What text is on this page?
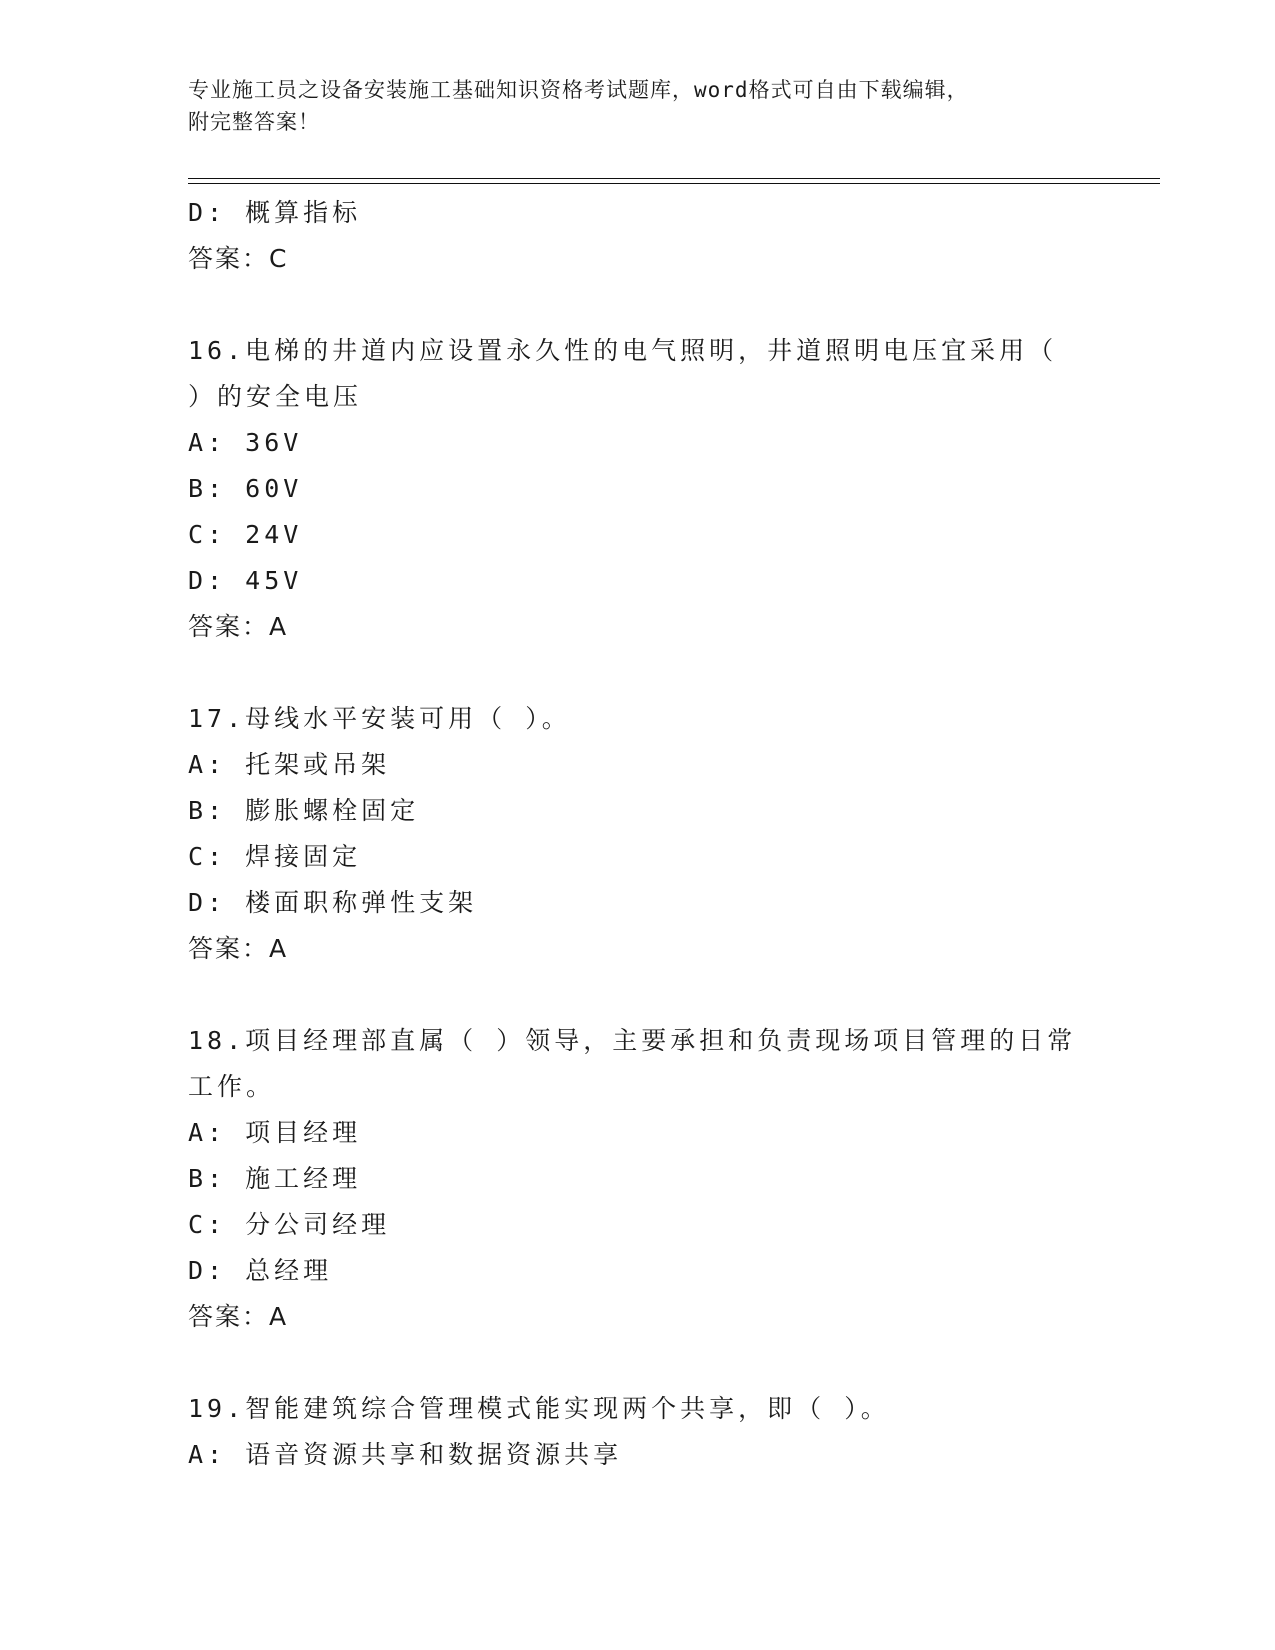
专业施工员之设备安装施工基础知识资格考试题库，word格式可自由下载编辑，
附完整答案！
D: 概算指标
答案：C
16.电梯的井道内应设置永久性的电气照明，井道照明电压宜采用（
）的安全电压
A: 36V
B: 60V
C: 24V
D: 45V
答案：A
17.母线水平安装可用（ ）。
A: 托架或吊架
B: 膨胀螺栓固定
C: 焊接固定
D: 楼面职称弹性支架
答案：A
18.项目经理部直属（ ）领导，主要承担和负责现场项目管理的日常
工作。
A: 项目经理
B: 施工经理
C: 分公司经理
D: 总经理
答案：A
19.智能建筑综合管理模式能实现两个共享，即（ ）。
A: 语音资源共享和数据资源共享
